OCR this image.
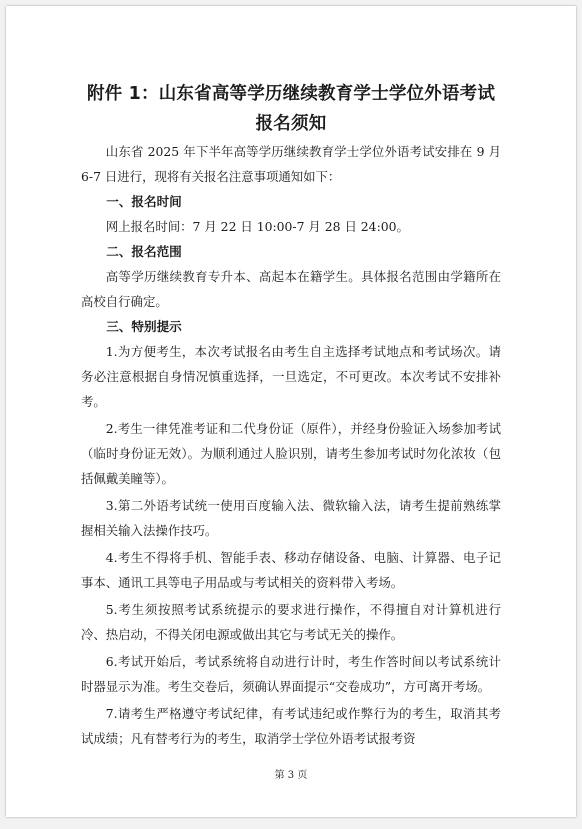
附件 1：山东省高等学历继续教育学士学位外语考试
报名须知

山东省 2025 年下半年高等学历继续教育学士学位外语考试安排在 9 月 6-7 日进行，现将有关报名注意事项通知如下：

一、报名时间

网上报名时间：7 月 22 日 10:00-7 月 28 日 24:00。

二、报名范围

高等学历继续教育专升本、高起本在籍学生。具体报名范围由学籍所在高校自行确定。

三、特别提示

1.为方便考生，本次考试报名由考生自主选择考试地点和考试场次。请务必注意根据自身情况慎重选择，一旦选定，不可更改。本次考试不安排补考。

2.考生一律凭准考证和二代身份证（原件），并经身份验证入场参加考试（临时身份证无效）。为顺利通过人脸识别，请考生参加考试时勿化浓妆（包括佩戴美瞳等）。

3.第二外语考试统一使用百度输入法、微软输入法，请考生提前熟练掌握相关输入法操作技巧。

4.考生不得将手机、智能手表、移动存储设备、电脑、计算器、电子记事本、通讯工具等电子用品或与考试相关的资料带入考场。

5.考生须按照考试系统提示的要求进行操作，不得擅自对计算机进行冷、热启动，不得关闭电源或做出其它与考试无关的操作。

6.考试开始后，考试系统将自动进行计时，考生作答时间以考试系统计时器显示为准。考生交卷后，须确认界面提示“交卷成功”，方可离开考场。

7.请考生严格遵守考试纪律，有考试违纪或作弊行为的考生，取消其考试成绩；凡有替考行为的考生，取消学士学位外语考试报考资

第 3 页
